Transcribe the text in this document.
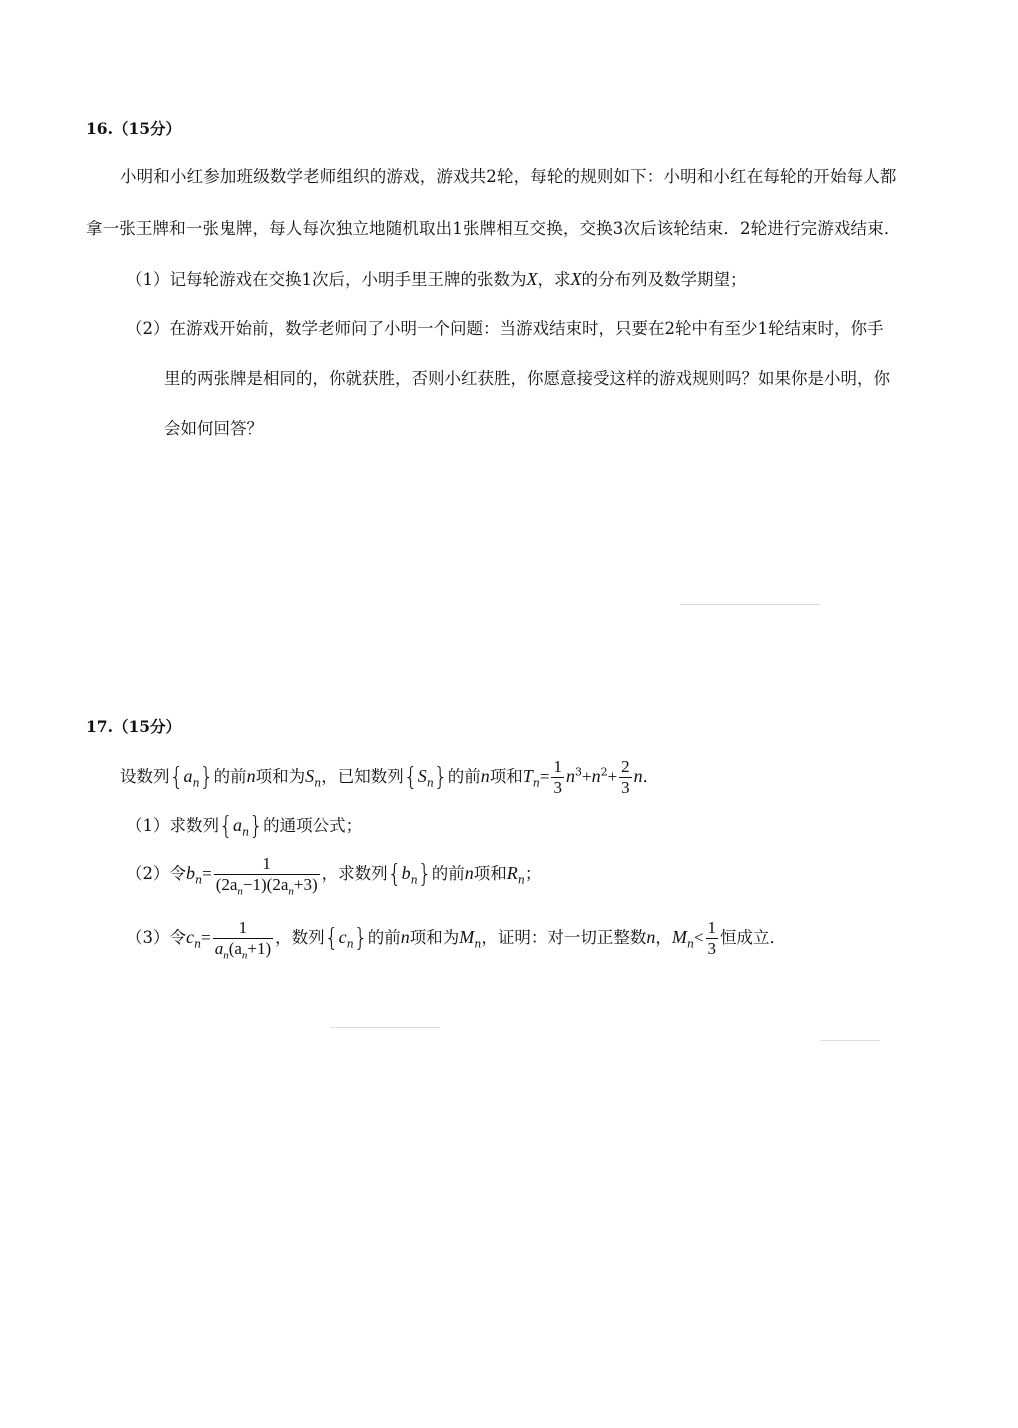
16.（15分）
小明和小红参加班级数学老师组织的游戏，游戏共2轮，每轮的规则如下：小明和小红在每轮的开始每人都
拿一张王牌和一张鬼牌，每人每次独立地随机取出1张牌相互交换，交换3次后该轮结束．2轮进行完游戏结束．
（1）记每轮游戏在交换1次后，小明手里王牌的张数为X，求X的分布列及数学期望；
（2）在游戏开始前，数学老师问了小明一个问题：当游戏结束时，只要在2轮中有至少1轮结束时，你手
里的两张牌是相同的，你就获胜，否则小红获胜，你愿意接受这样的游戏规则吗？如果你是小明，你
会如何回答？
17.（15分）
设数列$\{a_n\}$的前n项和为$S_n$，已知数列$\{S_n\}$的前n项和$T_n= \frac{1}{3} n^3+n^2+ \frac{2}{3}$ n．
（1）求数列$\{a_n\}$的通项公式；
（2）令$b_n= \frac{1}{(2a_n-1)(2a_n+3)}$ ，求数列$\{b_n\}$的前n项和$R_n$；
（3）令$c_n= \frac{1}{a_n(a_n+1)}$ ，数列$\{c_n\}$的前n项和为$M_n$，证明：对一切正整数n，$M_n< \frac{1}{3}$ 恒成立．
